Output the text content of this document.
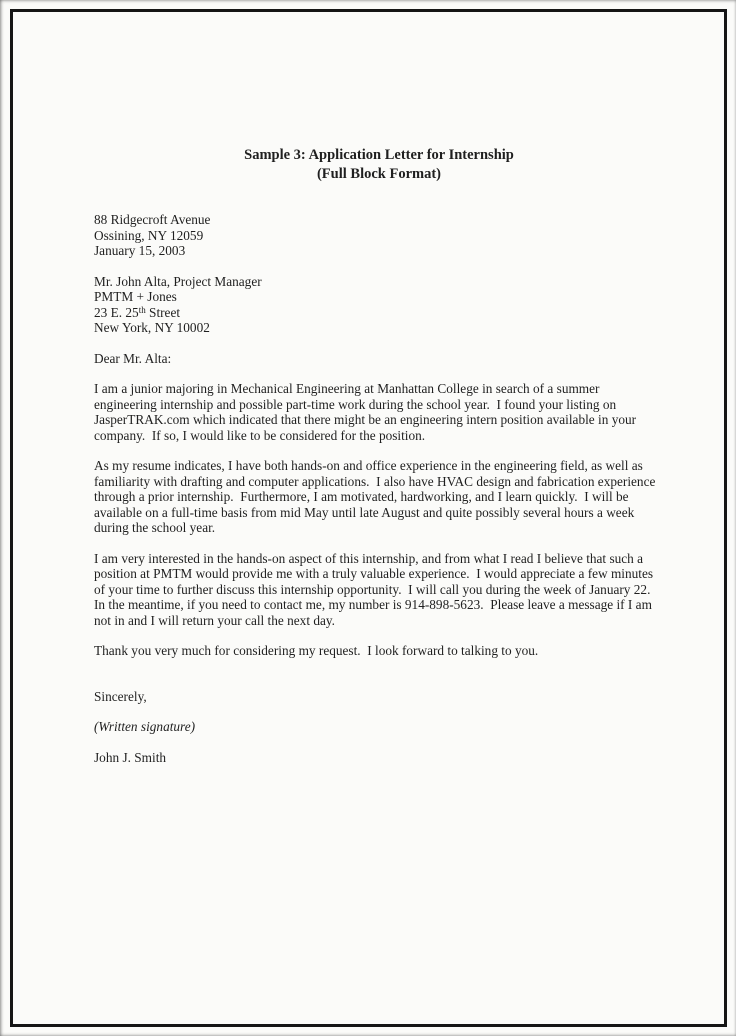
Sample 3: Application Letter for Internship
(Full Block Format)
88 Ridgecroft Avenue
Ossining, NY 12059
January 15, 2003
Mr. John Alta, Project Manager
PMTM + Jones
23 E. 25th Street
New York, NY 10002
Dear Mr. Alta:

I am a junior majoring in Mechanical Engineering at Manhattan College in search of a summer engineering internship and possible part-time work during the school year.  I found your listing on JasperTRAK.com which indicated that there might be an engineering intern position available in your company.  If so, I would like to be considered for the position.

As my resume indicates, I have both hands-on and office experience in the engineering field, as well as familiarity with drafting and computer applications.  I also have HVAC design and fabrication experience through a prior internship.  Furthermore, I am motivated, hardworking, and I learn quickly.  I will be available on a full-time basis from mid May until late August and quite possibly several hours a week during the school year.

I am very interested in the hands-on aspect of this internship, and from what I read I believe that such a position at PMTM would provide me with a truly valuable experience.  I would appreciate a few minutes of your time to further discuss this internship opportunity.  I will call you during the week of January 22.  In the meantime, if you need to contact me, my number is 914-898-5623.  Please leave a message if I am not in and I will return your call the next day.

Thank you very much for considering my request.  I look forward to talking to you.

Sincerely,
(Written signature)
John J. Smith
